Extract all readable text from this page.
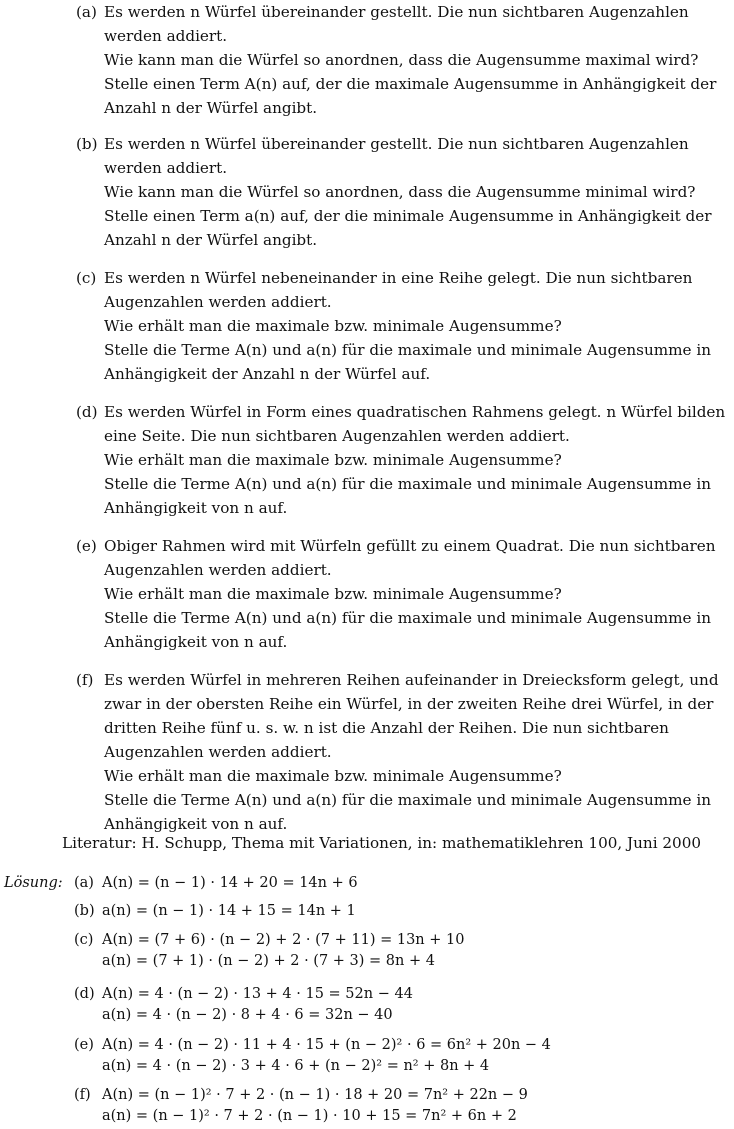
(a) Es werden n Würfel übereinander gestellt. Die nun sichtbaren Augenzahlen werden addiert.
Wie kann man die Würfel so anordnen, dass die Augensumme maximal wird?
Stelle einen Term A(n) auf, der die maximale Augensumme in Anhängigkeit der Anzahl n der Würfel angibt.
(b) Es werden n Würfel übereinander gestellt. Die nun sichtbaren Augenzahlen werden addiert.
Wie kann man die Würfel so anordnen, dass die Augensumme minimal wird?
Stelle einen Term a(n) auf, der die minimale Augensumme in Anhängigkeit der Anzahl n der Würfel angibt.
(c) Es werden n Würfel nebeneinander in eine Reihe gelegt. Die nun sichtbaren Augenzahlen werden addiert.
Wie erhält man die maximale bzw. minimale Augensumme?
Stelle die Terme A(n) und a(n) für die maximale und minimale Augensumme in Anhängigkeit der Anzahl n der Würfel auf.
(d) Es werden Würfel in Form eines quadratischen Rahmens gelegt. n Würfel bilden eine Seite. Die nun sichtbaren Augenzahlen werden addiert.
Wie erhält man die maximale bzw. minimale Augensumme?
Stelle die Terme A(n) und a(n) für die maximale und minimale Augensumme in Anhängigkeit von n auf.
(e) Obiger Rahmen wird mit Würfeln gefüllt zu einem Quadrat. Die nun sichtbaren Augenzahlen werden addiert.
Wie erhält man die maximale bzw. minimale Augensumme?
Stelle die Terme A(n) und a(n) für die maximale und minimale Augensumme in Anhängigkeit von n auf.
(f) Es werden Würfel in mehreren Reihen aufeinander in Dreiecksform gelegt, und zwar in der obersten Reihe ein Würfel, in der zweiten Reihe drei Würfel, in der dritten Reihe fünf u. s. w. n ist die Anzahl der Reihen. Die nun sichtbaren Augenzahlen werden addiert.
Wie erhält man die maximale bzw. minimale Augensumme?
Stelle die Terme A(n) und a(n) für die maximale und minimale Augensumme in Anhängigkeit von n auf.
Literatur: H. Schupp, Thema mit Variationen, in: mathematiklehren 100, Juni 2000
Lösung: (a) A(n) = (n − 1) · 14 + 20 = 14n + 6
(b) a(n) = (n − 1) · 14 + 15 = 14n + 1
(c) A(n) = (7 + 6) · (n − 2) + 2 · (7 + 11) = 13n + 10
a(n) = (7 + 1) · (n − 2) + 2 · (7 + 3) = 8n + 4
(d) A(n) = 4 · (n − 2) · 13 + 4 · 15 = 52n − 44
a(n) = 4 · (n − 2) · 8 + 4 · 6 = 32n − 40
(e) A(n) = 4 · (n − 2) · 11 + 4 · 15 + (n − 2)² · 6 = 6n² + 20n − 4
a(n) = 4 · (n − 2) · 3 + 4 · 6 + (n − 2)² = n² + 8n + 4
(f) A(n) = (n − 1)² · 7 + 2 · (n − 1) · 18 + 20 = 7n² + 22n − 9
a(n) = (n − 1)² · 7 + 2 · (n − 1) · 10 + 15 = 7n² + 6n + 2
